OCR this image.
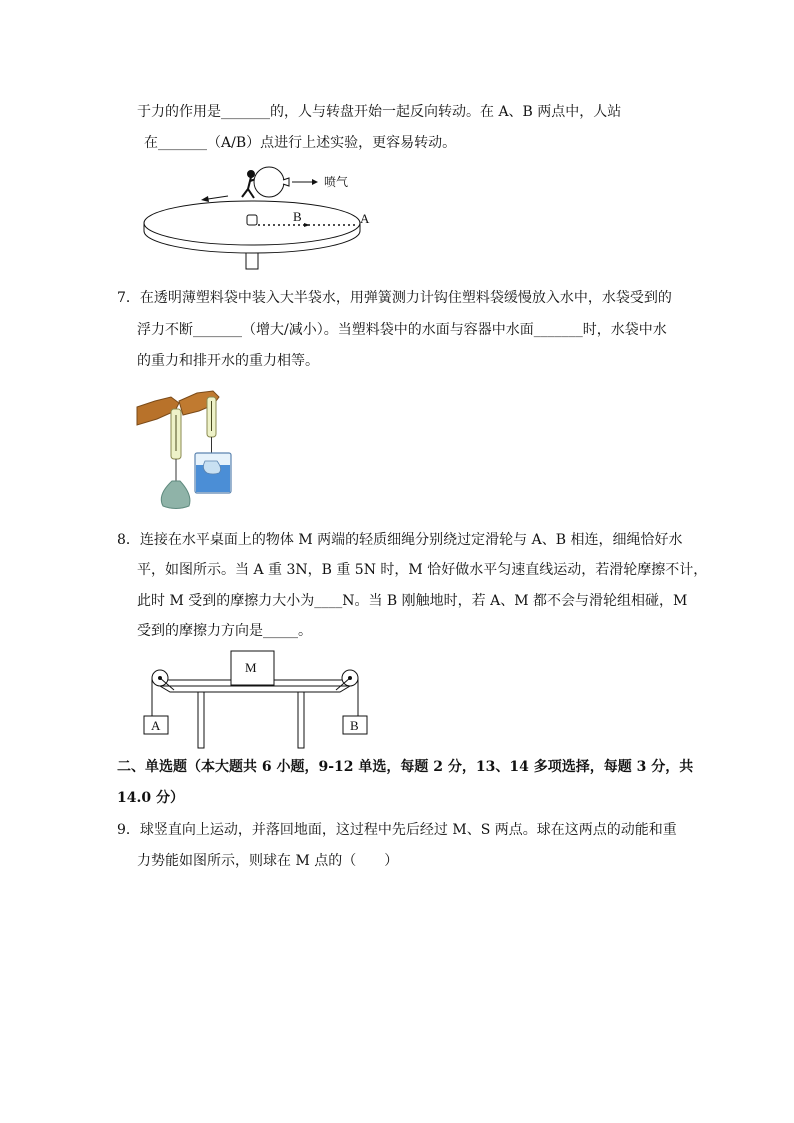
于力的作用是_______的，人与转盘开始一起反向转动。在 A、B 两点中，人站
在_______（A/B）点进行上述实验，更容易转动。
喷气
B	A
7．在透明薄塑料袋中装入大半袋水，用弹簧测力计钩住塑料袋缓慢放入水中，水袋受到的
浮力不断_______（增大/减小）。当塑料袋中的水面与容器中水面_______时，水袋中水
的重力和排开水的重力相等。
8．连接在水平桌面上的物体 M 两端的轻质细绳分别绕过定滑轮与 A、B 相连，细绳恰好水
平，如图所示。当 A 重 3N，B 重 5N 时，M 恰好做水平匀速直线运动，若滑轮摩擦不计，
此时 M 受到的摩擦力大小为____N。当 B 刚触地时，若 A、M 都不会与滑轮组相碰，M
受到的摩擦力方向是_____。
M
A	B
二、单选题（本大题共 6 小题，9-12 单选，每题 2 分，13、14 多项选择，每题 3 分，共
14.0 分）
9．球竖直向上运动，并落回地面，这过程中先后经过 M、S 两点。球在这两点的动能和重
力势能如图所示，则球在 M 点的（　　）
